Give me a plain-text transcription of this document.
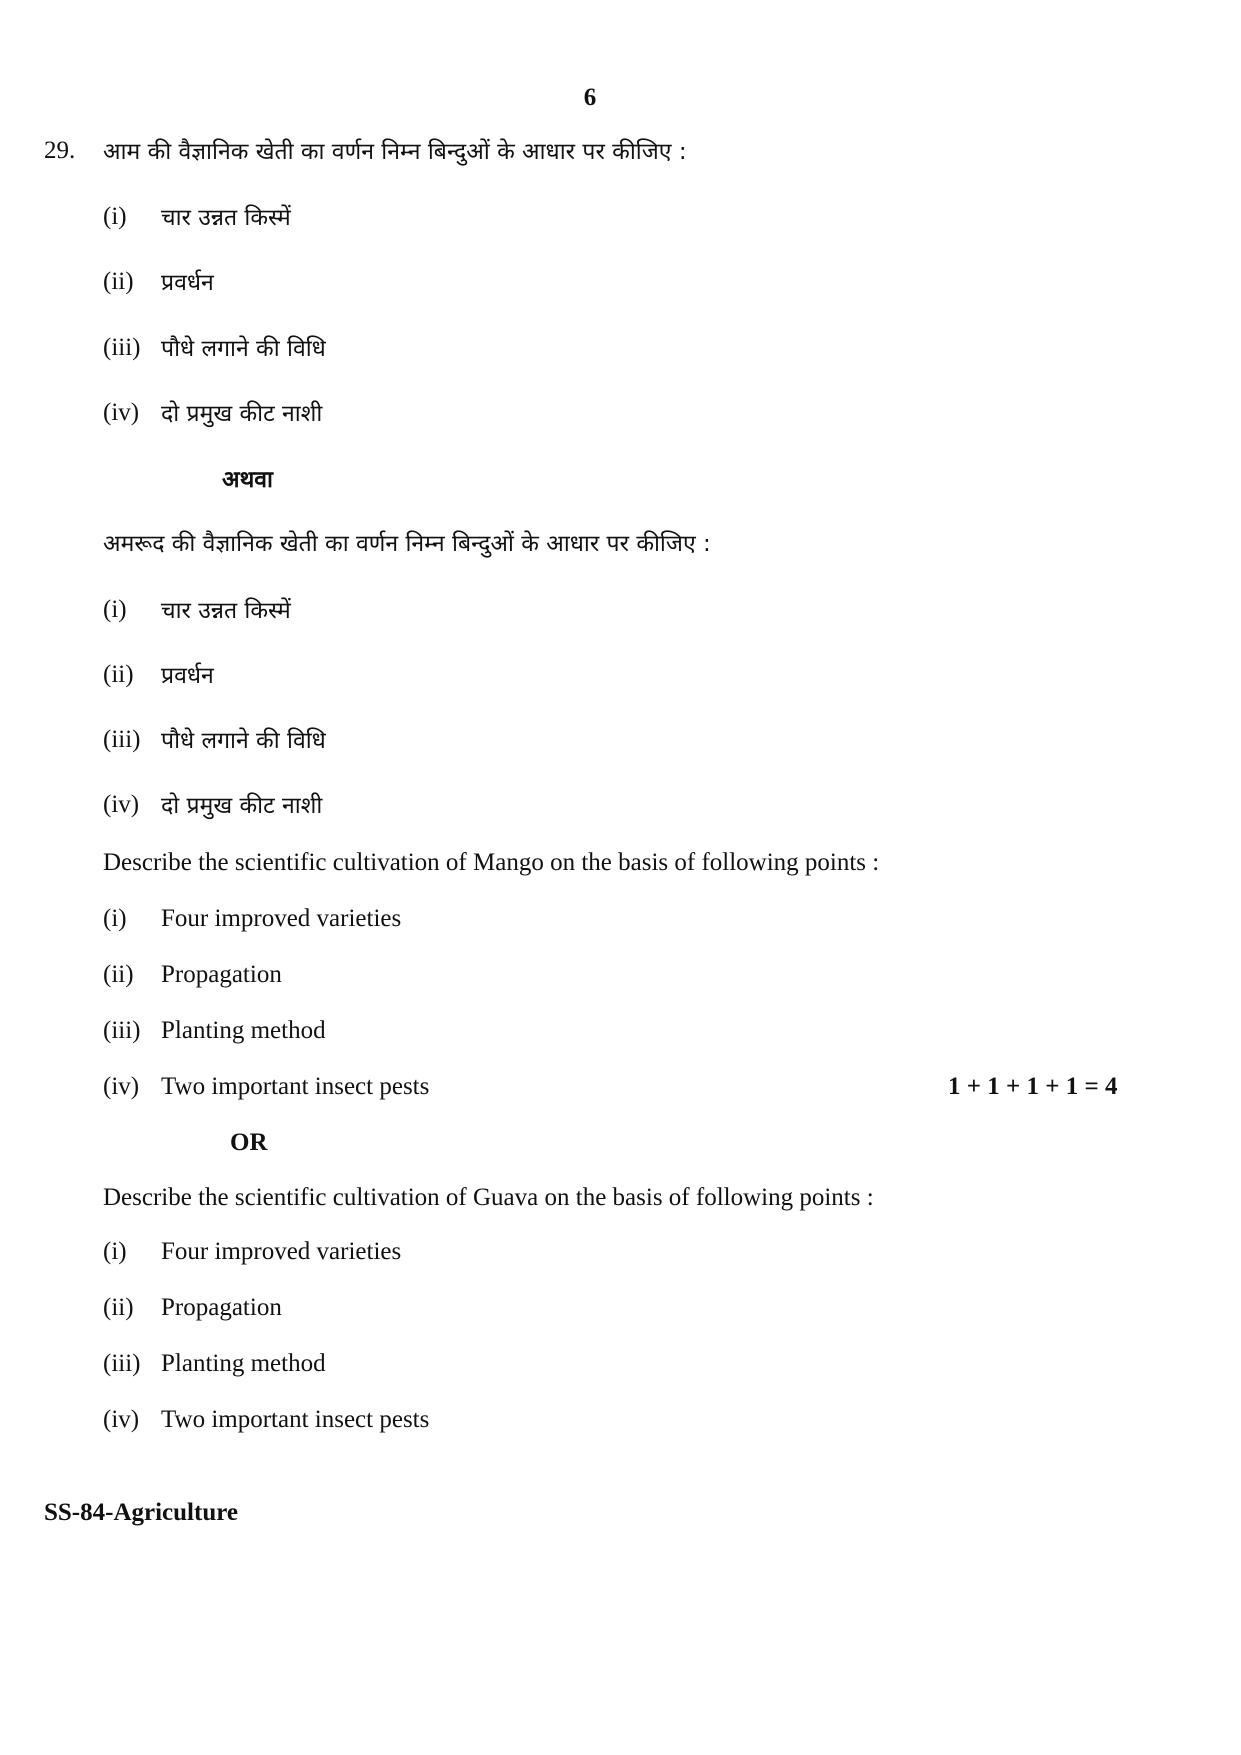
6
29. आम की वैज्ञानिक खेती का वर्णन निम्न बिन्दुओं के आधार पर कीजिए :
(i) चार उन्नत किस्में
(ii) प्रवर्धन
(iii) पौधे लगाने की विधि
(iv) दो प्रमुख कीट नाशी
अथवा
अमरूद की वैज्ञानिक खेती का वर्णन निम्न बिन्दुओं के आधार पर कीजिए :
(i) चार उन्नत किस्में
(ii) प्रवर्धन
(iii) पौधे लगाने की विधि
(iv) दो प्रमुख कीट नाशी
Describe the scientific cultivation of Mango on the basis of following points :
(i) Four improved varieties
(ii) Propagation
(iii) Planting method
(iv) Two important insect pests	1 + 1 + 1 + 1 = 4
OR
Describe the scientific cultivation of Guava on the basis of following points :
(i) Four improved varieties
(ii) Propagation
(iii) Planting method
(iv) Two important insect pests
SS-84-Agriculture
